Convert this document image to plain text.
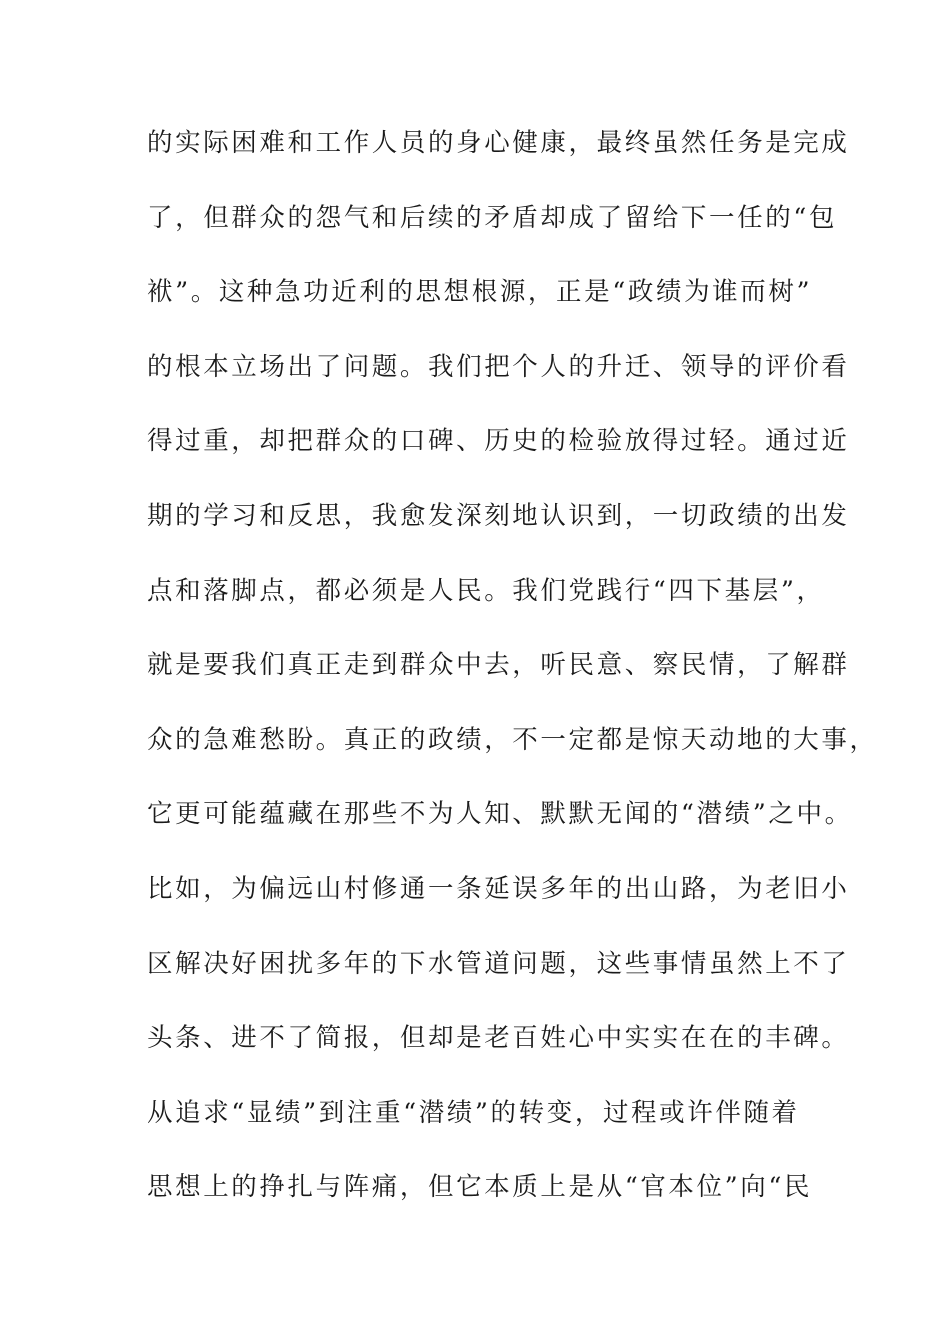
的实际困难和工作人员的身心健康，最终虽然任务是完成
了，但群众的怨气和后续的矛盾却成了留给下一任的“包
袱”。这种急功近利的思想根源，正是“政绩为谁而树”
的根本立场出了问题。我们把个人的升迁、领导的评价看
得过重，却把群众的口碑、历史的检验放得过轻。通过近
期的学习和反思，我愈发深刻地认识到，一切政绩的出发
点和落脚点，都必须是人民。我们党践行“四下基层”，
就是要我们真正走到群众中去，听民意、察民情，了解群
众的急难愁盼。真正的政绩，不一定都是惊天动地的大事，
它更可能蕴藏在那些不为人知、默默无闻的“潜绩”之中。
比如，为偏远山村修通一条延误多年的出山路，为老旧小
区解决好困扰多年的下水管道问题，这些事情虽然上不了
头条、进不了简报，但却是老百姓心中实实在在的丰碑。
从追求“显绩”到注重“潜绩”的转变，过程或许伴随着
思想上的挣扎与阵痛，但它本质上是从“官本位”向“民
